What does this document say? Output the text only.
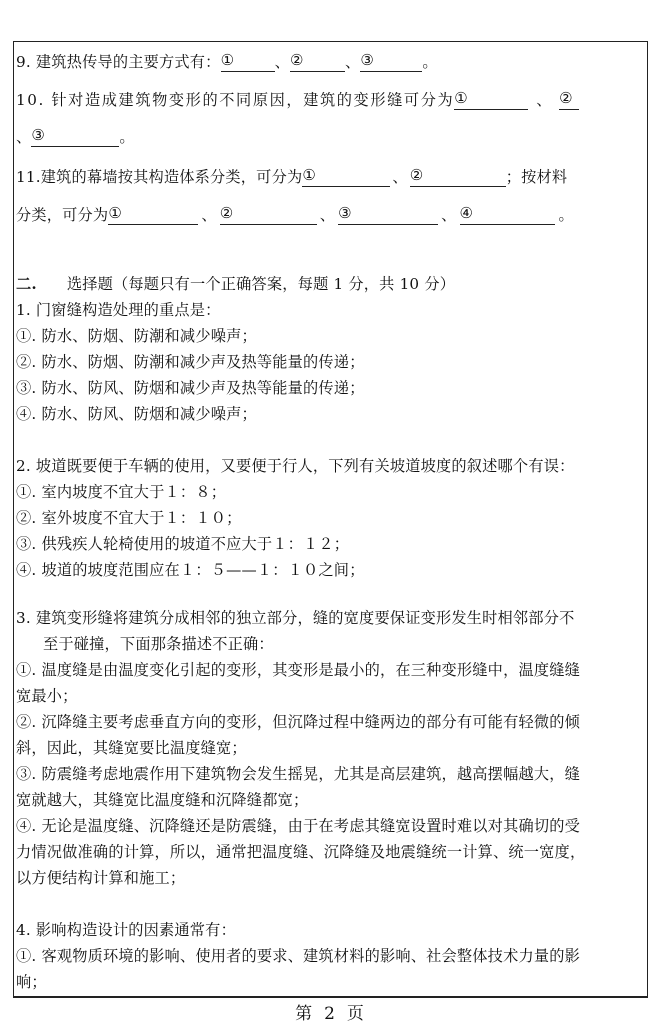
9. 建筑热传导的主要方式有： ①	、 ②	、 ③	。
10. 针对造成建筑物变形的不同原因，建筑的变形缝可分为 ①	、 ②
、 ③	。
11.建筑的幕墙按其构造体系分类，可分为 ①	、 ②	；按材料
分类，可分为 ①	、 ②	、 ③	、 ④	。
二. 选择题（每题只有一个正确答案，每题 1 分，共 10 分）
1. 门窗缝构造处理的重点是：
①. 防水、防烟、防潮和减少噪声；
②. 防水、防烟、防潮和减少声及热等能量的传递；
③. 防水、防风、防烟和减少声及热等能量的传递；
④. 防水、防风、防烟和减少噪声；
2. 坡道既要便于车辆的使用，又要便于行人，下列有关坡道坡度的叙述哪个有误：
①. 室内坡度不宜大于１：８；
②. 室外坡度不宜大于１：１０；
③. 供残疾人轮椅使用的坡道不应大于１：１２；
④. 坡道的坡度范围应在１：５——１：１０之间；
3. 建筑变形缝将建筑分成相邻的独立部分，缝的宽度要保证变形发生时相邻部分不
至于碰撞，下面那条描述不正确：
①. 温度缝是由温度变化引起的变形，其变形是最小的，在三种变形缝中，温度缝缝
宽最小；
②. 沉降缝主要考虑垂直方向的变形，但沉降过程中缝两边的部分有可能有轻微的倾
斜，因此，其缝宽要比温度缝宽；
③. 防震缝考虑地震作用下建筑物会发生摇晃，尤其是高层建筑，越高摆幅越大，缝
宽就越大，其缝宽比温度缝和沉降缝都宽；
④. 无论是温度缝、沉降缝还是防震缝，由于在考虑其缝宽设置时难以对其确切的受
力情况做准确的计算，所以，通常把温度缝、沉降缝及地震缝统一计算、统一宽度，
以方便结构计算和施工；
4. 影响构造设计的因素通常有：
①. 客观物质环境的影响、使用者的要求、建筑材料的影响、社会整体技术力量的影
响；
第 2 页
